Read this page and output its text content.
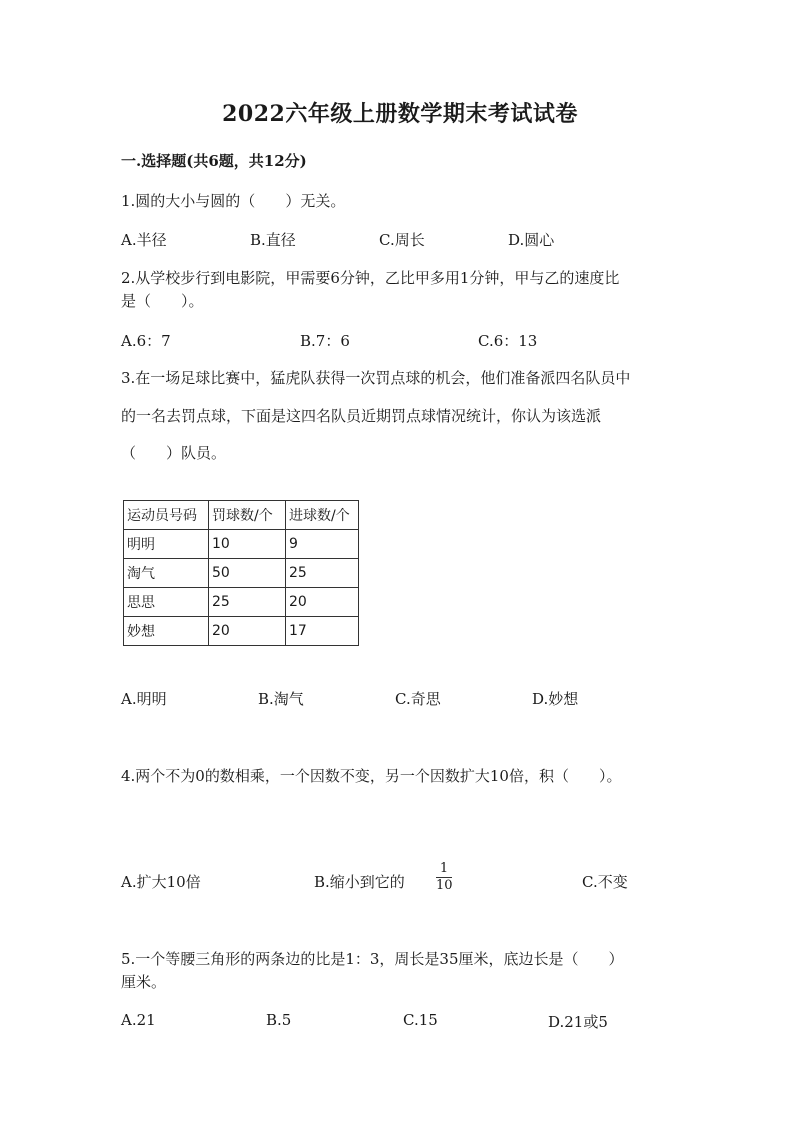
2022六年级上册数学期末考试试卷
一.选择题(共6题，共12分)
1.圆的大小与圆的（　　）无关。
A.半径	B.直径	C.周长	D.圆心
2.从学校步行到电影院，甲需要6分钟，乙比甲多用1分钟，甲与乙的速度比
是（　　）。
A.6：7	B.7：6	C.6：13
3.在一场足球比赛中，猛虎队获得一次罚点球的机会，他们准备派四名队员中
的一名去罚点球，下面是这四名队员近期罚点球情况统计，你认为该选派
（　　）队员。
运动员号码	罚球数/个	进球数/个
明明	10	9
淘气	50	25
思思	25	20
妙想	20	17
A.明明	B.淘气	C.奇思	D.妙想
4.两个不为0的数相乘，一个因数不变，另一个因数扩大10倍，积（　　）。
A.扩大10倍	B.缩小到它的
1
10	C.不变
5.一个等腰三角形的两条边的比是1：3，周长是35厘米，底边长是（　　）
厘米。
A.21	B.5	C.15	D.21或5
